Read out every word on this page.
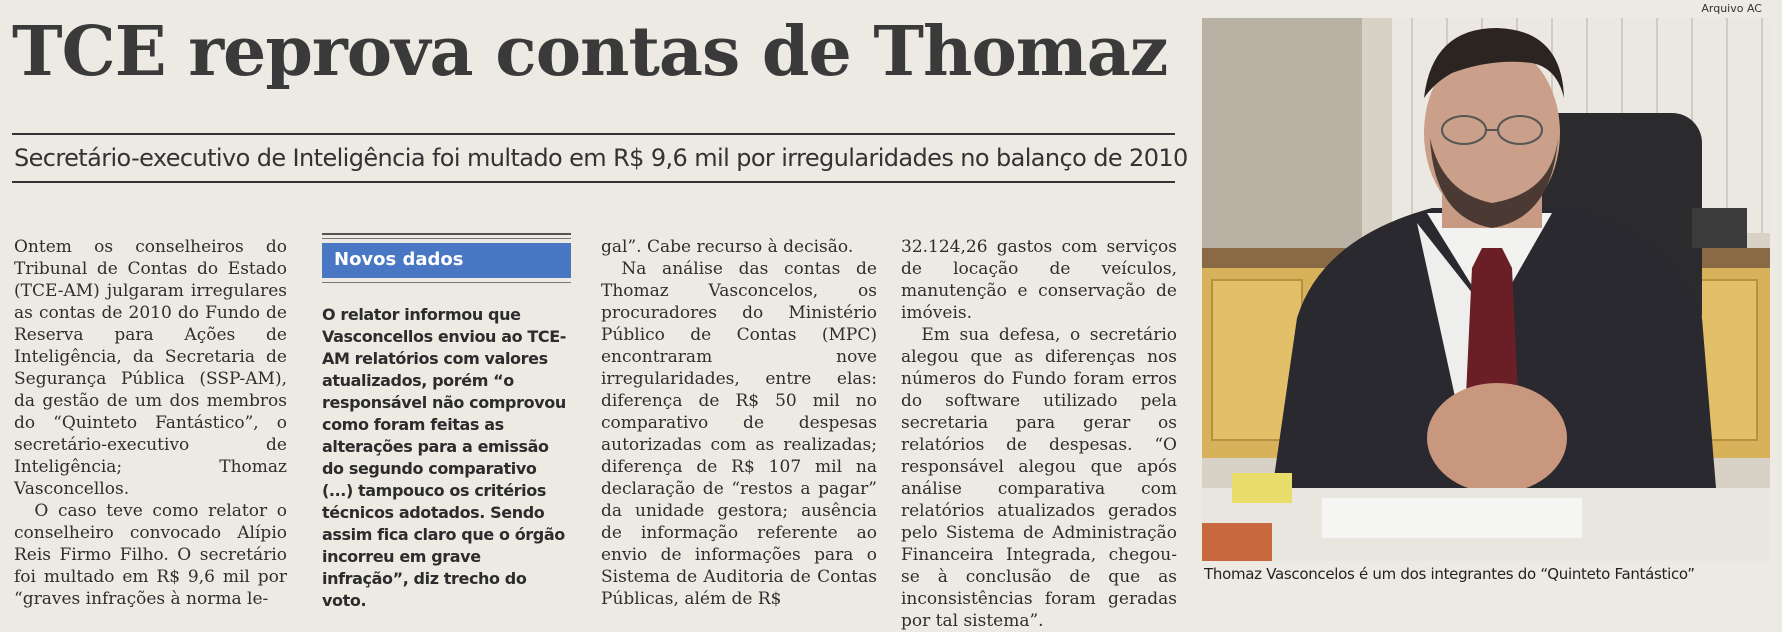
TCE reprova contas de Thomaz
Secretário-executivo de Inteligência foi multado em R$ 9,6 mil por irregularidades no balanço de 2010

Ontem os conselheiros do Tribunal de Contas do Estado (TCE-AM) julgaram irregulares as contas de 2010 do Fundo de Reserva para Ações de Inteligência, da Secretaria de Segurança Pública (SSP-AM), da gestão de um dos membros do “Quinteto Fantástico”, o secretário-executivo de Inteligência; Thomaz Vasconcellos.

O caso teve como relator o conselheiro convocado Alípio Reis Firmo Filho. O secretário foi multado em R$ 9,6 mil por “graves infrações à norma le-

Novos dados
O relator informou que Vasconcellos enviou ao TCE-AM relatórios com valores atualizados, porém “o responsável não comprovou como foram feitas as alterações para a emissão do segundo comparativo (...) tampouco os critérios técnicos adotados. Sendo assim fica claro que o órgão incorreu em grave infração”, diz trecho do voto.

gal”. Cabe recurso à decisão.

Na análise das contas de Thomaz Vasconcelos, os procuradores do Ministério Público de Contas (MPC) encontraram nove irregularidades, entre elas: diferença de R$ 50 mil no comparativo de despesas autorizadas com as realizadas; diferença de R$ 107 mil na declaração de “restos a pagar” da unidade gestora; ausência de informação referente ao envio de informações para o Sistema de Auditoria de Contas Públicas, além de R$

32.124,26 gastos com serviços de locação de veículos, manutenção e conservação de imóveis.

Em sua defesa, o secretário alegou que as diferenças nos números do Fundo foram erros do software utilizado pela secretaria para gerar os relatórios de despesas. “O responsável alegou que após análise comparativa com relatórios atualizados gerados pelo Sistema de Administração Financeira Integrada, chegou-se à conclusão de que as inconsistências foram geradas por tal sistema”.

Arquivo AC
Thomaz Vasconcelos é um dos integrantes do “Quinteto Fantástico”
